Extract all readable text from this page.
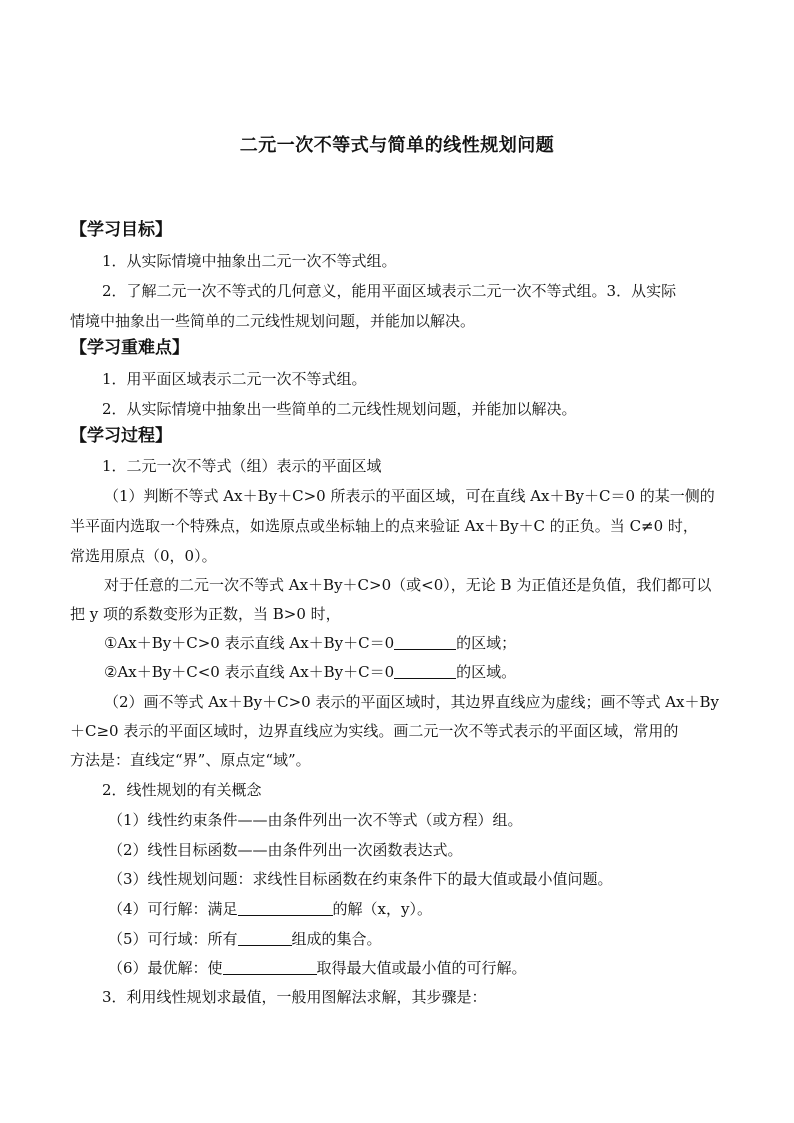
二元一次不等式与简单的线性规划问题
【学习目标】
1．从实际情境中抽象出二元一次不等式组。
2．了解二元一次不等式的几何意义，能用平面区域表示二元一次不等式组。3．从实际
情境中抽象出一些简单的二元线性规划问题，并能加以解决。
【学习重难点】
1．用平面区域表示二元一次不等式组。
2．从实际情境中抽象出一些简单的二元线性规划问题，并能加以解决。
【学习过程】
1．二元一次不等式（组）表示的平面区域
（1）判断不等式 Ax＋By＋C>0 所表示的平面区域，可在直线 Ax＋By＋C＝0 的某一侧的
半平面内选取一个特殊点，如选原点或坐标轴上的点来验证 Ax＋By＋C 的正负。当 C≠0 时，
常选用原点（0，0）。
对于任意的二元一次不等式 Ax＋By＋C>0（或<0），无论 B 为正值还是负值，我们都可以
把 y 项的系数变形为正数，当 B>0 时，
①Ax＋By＋C>0 表示直线 Ax＋By＋C＝0	的区域；
②Ax＋By＋C<0 表示直线 Ax＋By＋C＝0	的区域。
（2）画不等式 Ax＋By＋C>0 表示的平面区域时，其边界直线应为虚线；画不等式 Ax＋By
＋C≥0 表示的平面区域时，边界直线应为实线。画二元一次不等式表示的平面区域，常用的
方法是：直线定“界”、原点定“域”。
2．线性规划的有关概念
（1）线性约束条件——由条件列出一次不等式（或方程）组。
（2）线性目标函数——由条件列出一次函数表达式。
（3）线性规划问题：求线性目标函数在约束条件下的最大值或最小值问题。
（4）可行解：满足	的解（x，y）。
（5）可行域：所有	组成的集合。
（6）最优解：使	取得最大值或最小值的可行解。
3．利用线性规划求最值，一般用图解法求解，其步骤是：
